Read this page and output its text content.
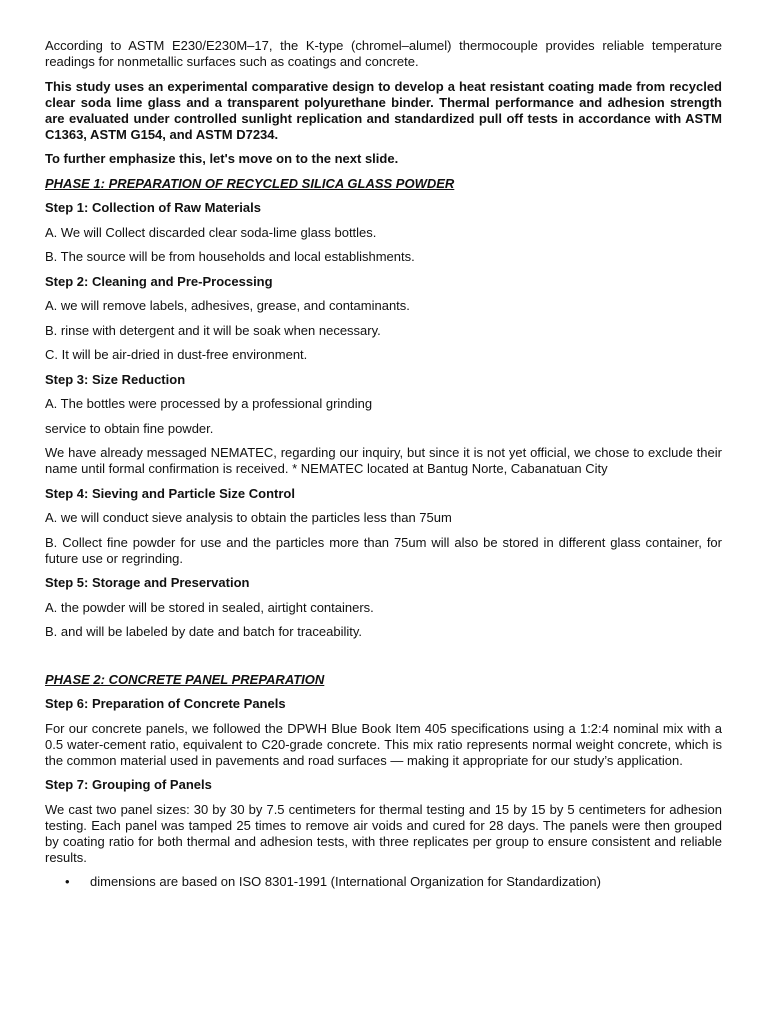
According to ASTM E230/E230M–17, the K-type (chromel–alumel) thermocouple provides reliable temperature readings for nonmetallic surfaces such as coatings and concrete.

This study uses an experimental comparative design to develop a heat resistant coating made from recycled clear soda lime glass and a transparent polyurethane binder. Thermal performance and adhesion strength are evaluated under controlled sunlight replication and standardized pull off tests in accordance with ASTM C1363, ASTM G154, and ASTM D7234.

To further emphasize this, let's move on to the next slide.

PHASE 1: PREPARATION OF RECYCLED SILICA GLASS POWDER

Step 1: Collection of Raw Materials

A. We will Collect discarded clear soda-lime glass bottles.

B. The source will be from households and local establishments.

Step 2: Cleaning and Pre-Processing

A. we will remove labels, adhesives, grease, and contaminants.

B. rinse with detergent and it will be soak when necessary.

C. It will be air-dried in dust-free environment.

Step 3: Size Reduction

A. The bottles were processed by a professional grinding

service to obtain fine powder.

We have already messaged NEMATEC, regarding our inquiry, but since it is not yet official, we chose to exclude their name until formal confirmation is received. * NEMATEC located at Bantug Norte, Cabanatuan City

Step 4: Sieving and Particle Size Control

A. we will conduct sieve analysis to obtain the particles less than 75um

B. Collect fine powder for use and the particles more than 75um will also be stored in different glass container, for future use or regrinding.

Step 5: Storage and Preservation

A. the powder will be stored in sealed, airtight containers.

B. and will be labeled by date and batch for traceability.

PHASE 2: CONCRETE PANEL PREPARATION

Step 6: Preparation of Concrete Panels

For our concrete panels, we followed the DPWH Blue Book Item 405 specifications using a 1:2:4 nominal mix with a 0.5 water-cement ratio, equivalent to C20-grade concrete. This mix ratio represents normal weight concrete, which is the common material used in pavements and road surfaces — making it appropriate for our study’s application.

Step 7: Grouping of Panels

We cast two panel sizes: 30 by 30 by 7.5 centimeters for thermal testing and 15 by 15 by 5 centimeters for adhesion testing. Each panel was tamped 25 times to remove air voids and cured for 28 days. The panels were then grouped by coating ratio for both thermal and adhesion tests, with three replicates per group to ensure consistent and reliable results.

• dimensions are based on ISO 8301-1991 (International Organization for Standardization)
